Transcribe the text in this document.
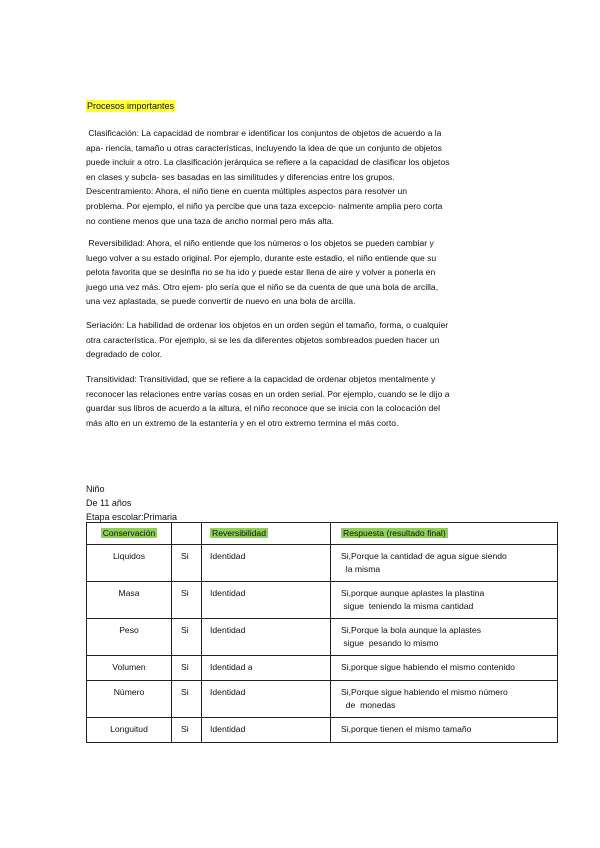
Procesos importantes

Clasificación: La capacidad de nombrar e identificar los conjuntos de objetos de acuerdo a la
apa- riencia, tamaño u otras características, incluyendo la idea de que un conjunto de objetos
puede incluir a otro. La clasificación jerárquica se refiere a la capacidad de clasificar los objetos
en clases y subcla- ses basadas en las similitudes y diferencias entre los grupos.
Descentramiento: Ahora, el niño tiene en cuenta múltiples aspectos para resolver un
problema. Por ejemplo, el niño ya percibe que una taza excepcio- nalmente amplia pero corta
no contiene menos que una taza de ancho normal pero más alta.

Reversibilidad: Ahora, el niño entiende que los números o los objetos se pueden cambiar y
luego volver a su estado original. Por ejemplo, durante este estadio, el niño entiende que su
pelota favorita que se desinfla no se ha ido y puede estar llena de aire y volver a ponerla en
juego una vez más. Otro ejem- plo sería que el niño se da cuenta de que una bola de arcilla,
una vez aplastada, se puede convertir de nuevo en una bola de arcilla.

Seriación: La habilidad de ordenar los objetos en un orden según el tamaño, forma, o cualquier
otra característica. Por ejemplo, si se les da diferentes objetos sombreados pueden hacer un
degradado de color.

Transitividad: Transitividad, que se refiere a la capacidad de ordenar objetos mentalmente y
reconocer las relaciones entre varias cosas en un orden serial. Por ejemplo, cuando se le dijo a
guardar sus libros de acuerdo a la altura, el niño reconoce que se inicia con la colocación del
más alto en un extremo de la estantería y en el otro extremo termina el más corto.

Niño

De 11 años

Etapa escolar:Primaria

Conservación		Reversibilidad	Respuesta (resultado final)
Liquidos	Si	Identidad	Si,Porque la cantidad de agua sigue siendo
la misma
Masa	Si	Identidad	Si,porque aunque aplastes la plastina
sigue  teniendo la misma cantidad
Peso	Si	Identidad	Si,Porque la bola aunque la aplastes
sigue  pesando lo mismo
Volumen	Si	Identidad a	Si,porque sigue habiendo el mismo contenido
Número	Si	Identidad	Si,Porque sigue habiendo el mismo número
de  monedas
Longuitud	Si	Identidad	Si,porque tienen el mismo tamaño
